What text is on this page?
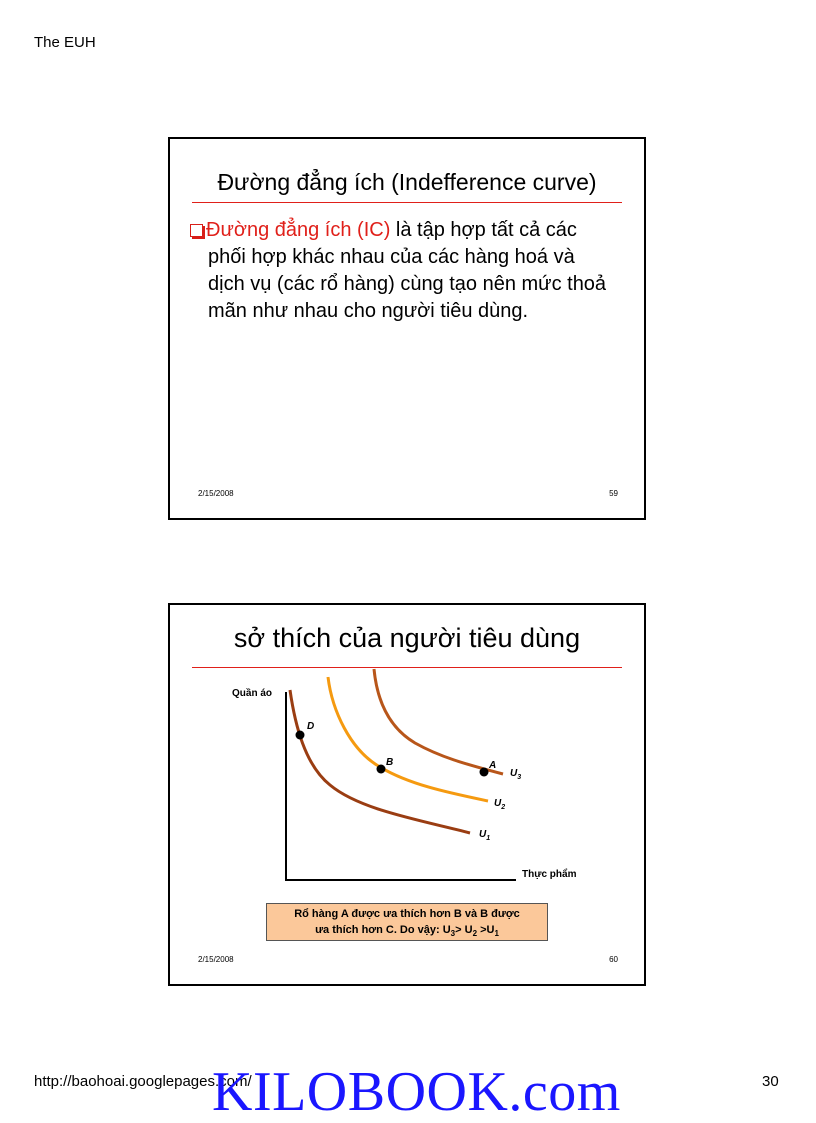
The EUH
Đường đẳng ích (Indefference curve)
Đường đẳng ích (IC) là tập hợp tất cả các
phối hợp khác nhau của các hàng hoá và
dịch vụ (các rổ hàng) cùng tạo nên mức thoả
mãn như nhau cho người tiêu dùng.
2/15/2008	59
sở thích của người tiêu dùng
Quần áo
Thực phẩm
D
B	A
$U_3$
$U_2$
$U_1$
Rổ hàng A được ưa thích hơn B và B được
ưa thích hơn C. Do vậy: $U_3> U_2 >U_1$
2/15/2008	60
http://baohoai.googlepages.com/	30
KILOBOOK.com
